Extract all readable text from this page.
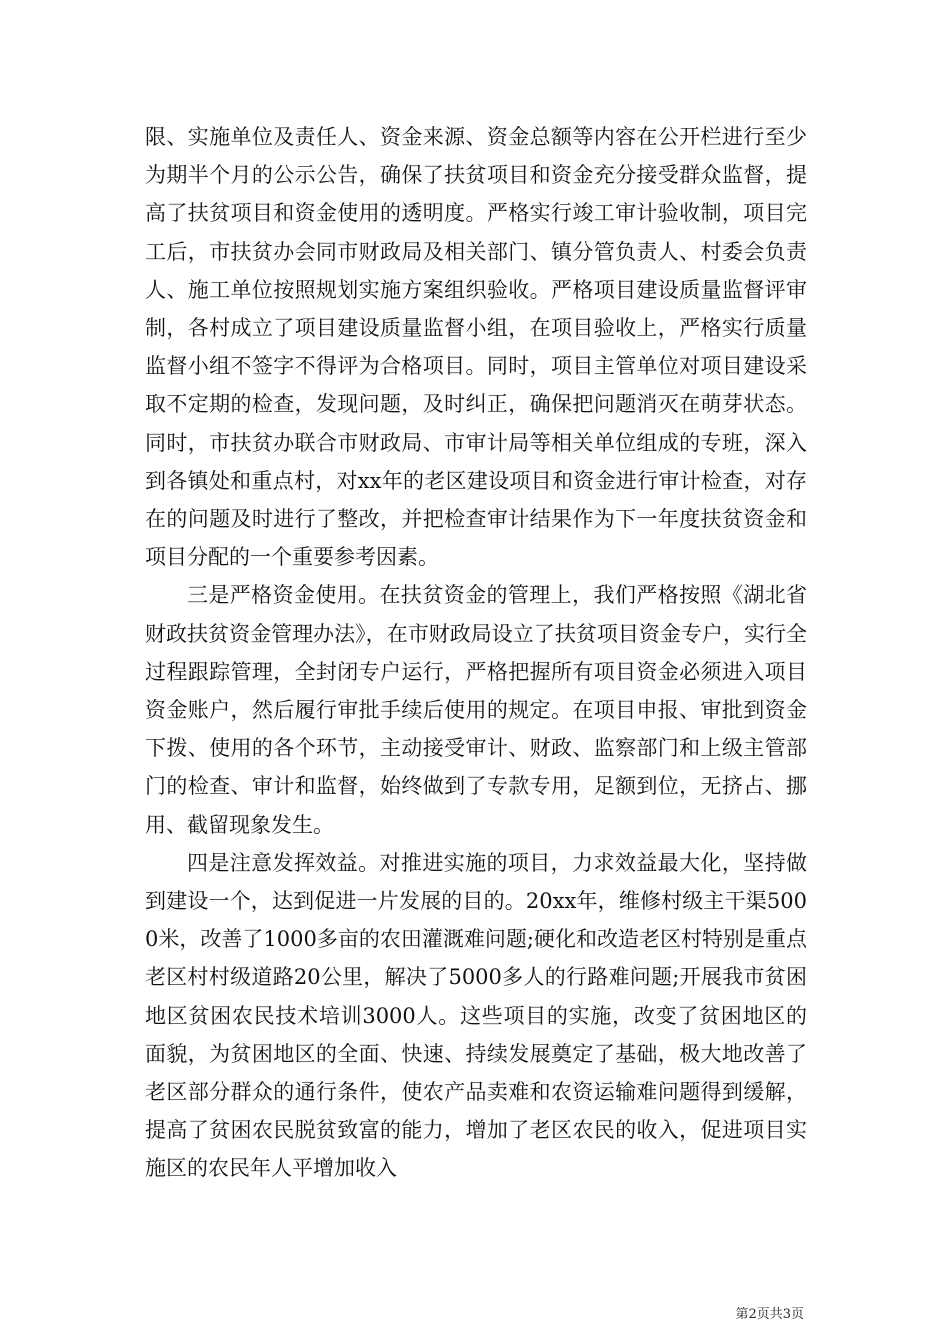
限、实施单位及责任人、资金来源、资金总额等内容在公开栏进行至少为期半个月的公示公告，确保了扶贫项目和资金充分接受群众监督，提高了扶贫项目和资金使用的透明度。严格实行竣工审计验收制，项目完工后，市扶贫办会同市财政局及相关部门、镇分管负责人、村委会负责人、施工单位按照规划实施方案组织验收。严格项目建设质量监督评审制，各村成立了项目建设质量监督小组，在项目验收上，严格实行质量监督小组不签字不得评为合格项目。同时，项目主管单位对项目建设采取不定期的检查，发现问题，及时纠正，确保把问题消灭在萌芽状态。同时，市扶贫办联合市财政局、市审计局等相关单位组成的专班，深入到各镇处和重点村，对xx年的老区建设项目和资金进行审计检查，对存在的问题及时进行了整改，并把检查审计结果作为下一年度扶贫资金和项目分配的一个重要参考因素。

三是严格资金使用。在扶贫资金的管理上，我们严格按照《湖北省财政扶贫资金管理办法》，在市财政局设立了扶贫项目资金专户，实行全过程跟踪管理，全封闭专户运行，严格把握所有项目资金必须进入项目资金账户，然后履行审批手续后使用的规定。在项目申报、审批到资金下拨、使用的各个环节，主动接受审计、财政、监察部门和上级主管部门的检查、审计和监督，始终做到了专款专用，足额到位，无挤占、挪用、截留现象发生。

四是注意发挥效益。对推进实施的项目，力求效益最大化，坚持做到建设一个，达到促进一片发展的目的。20xx年，维修村级主干渠5000米，改善了1000多亩的农田灌溉难问题;硬化和改造老区村特别是重点老区村村级道路20公里，解决了5000多人的行路难问题;开展我市贫困地区贫困农民技术培训3000人。这些项目的实施，改变了贫困地区的面貌，为贫困地区的全面、快速、持续发展奠定了基础，极大地改善了老区部分群众的通行条件，使农产品卖难和农资运输难问题得到缓解，提高了贫困农民脱贫致富的能力，增加了老区农民的收入，促进项目实施区的农民年人平增加收入

第2页共3页
